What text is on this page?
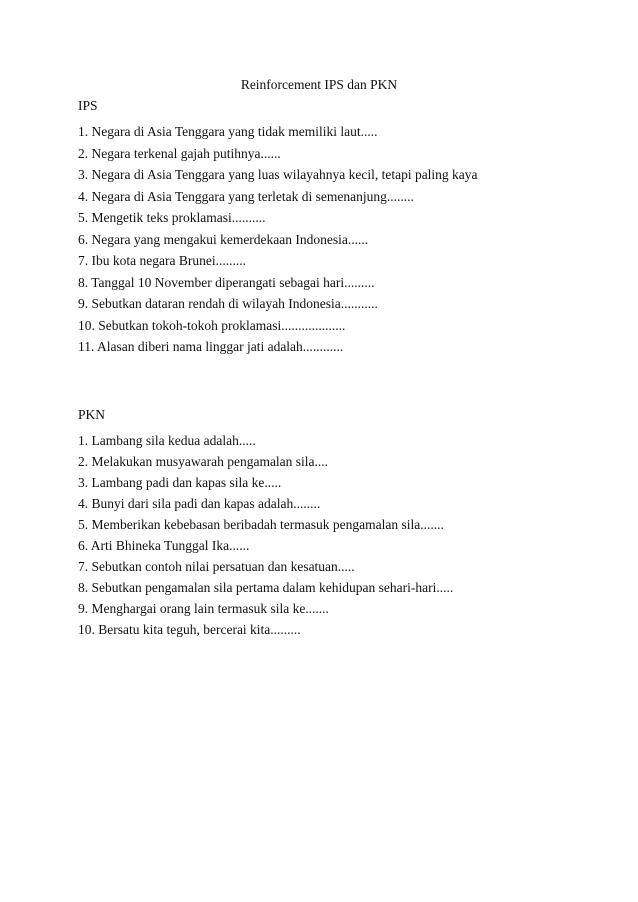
Reinforcement IPS dan PKN
IPS
1. Negara di Asia Tenggara yang tidak memiliki laut.....
2. Negara terkenal gajah putihnya......
3. Negara di Asia Tenggara yang luas wilayahnya kecil, tetapi paling kaya
4. Negara di Asia Tenggara yang terletak di semenanjung........
5. Mengetik teks proklamasi..........
6. Negara yang mengakui kemerdekaan Indonesia......
7. Ibu kota negara Brunei.........
8. Tanggal 10 November diperangati sebagai hari.........
9. Sebutkan dataran rendah di wilayah Indonesia...........
10. Sebutkan tokoh-tokoh proklamasi...................
11. Alasan diberi nama linggar jati adalah............
PKN
1. Lambang sila kedua adalah.....
2. Melakukan musyawarah pengamalan sila....
3. Lambang padi dan kapas sila ke.....
4. Bunyi dari sila padi dan kapas adalah........
5. Memberikan kebebasan beribadah termasuk pengamalan sila.......
6. Arti Bhineka Tunggal Ika......
7. Sebutkan contoh nilai persatuan dan kesatuan.....
8. Sebutkan pengamalan sila pertama dalam kehidupan sehari-hari.....
9. Menghargai orang lain termasuk sila ke.......
10. Bersatu kita teguh, bercerai kita.........
